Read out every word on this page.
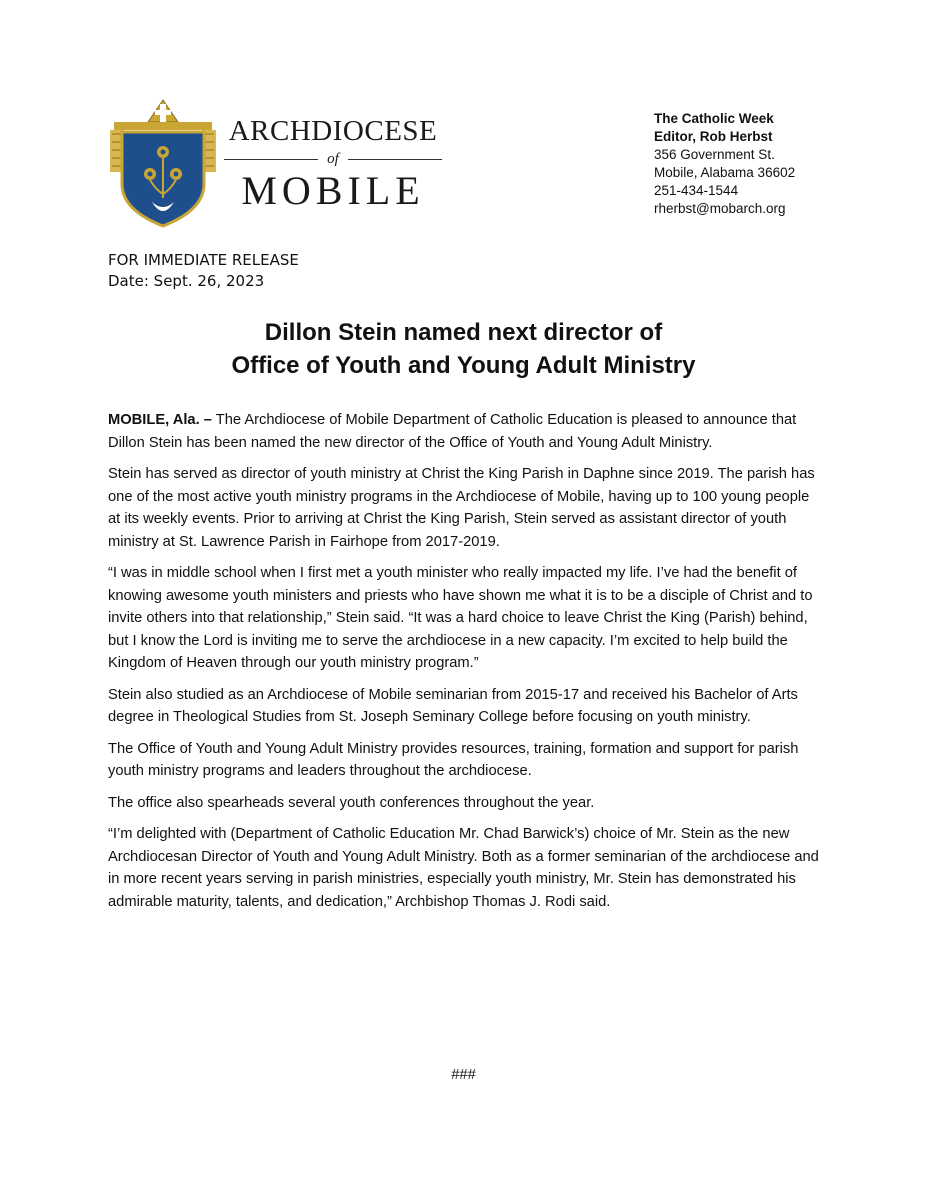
ARCHDIOCESE
of
MOBILE
The Catholic Week
Editor, Rob Herbst
356 Government St.
Mobile, Alabama 36602
251-434-1544
rherbst@mobarch.org
FOR IMMEDIATE RELEASE
Date: Sept. 26, 2023
Dillon Stein named next director of
Office of Youth and Young Adult Ministry

MOBILE, Ala. – The Archdiocese of Mobile Department of Catholic Education is pleased to announce that Dillon Stein has been named the new director of the Office of Youth and Young Adult Ministry.

Stein has served as director of youth ministry at Christ the King Parish in Daphne since 2019. The parish has one of the most active youth ministry programs in the Archdiocese of Mobile, having up to 100 young people at its weekly events. Prior to arriving at Christ the King Parish, Stein served as assistant director of youth ministry at St. Lawrence Parish in Fairhope from 2017-2019.

“I was in middle school when I first met a youth minister who really impacted my life. I’ve had the benefit of knowing awesome youth ministers and priests who have shown me what it is to be a disciple of Christ and to invite others into that relationship,” Stein said. “It was a hard choice to leave Christ the King (Parish) behind, but I know the Lord is inviting me to serve the archdiocese in a new capacity. I’m excited to help build the Kingdom of Heaven through our youth ministry program.”

Stein also studied as an Archdiocese of Mobile seminarian from 2015-17 and received his Bachelor of Arts degree in Theological Studies from St. Joseph Seminary College before focusing on youth ministry.

The Office of Youth and Young Adult Ministry provides resources, training, formation and support for parish youth ministry programs and leaders throughout the archdiocese.

The office also spearheads several youth conferences throughout the year.

“I’m delighted with (Department of Catholic Education Mr. Chad Barwick’s) choice of Mr. Stein as the new Archdiocesan Director of Youth and Young Adult Ministry. Both as a former seminarian of the archdiocese and in more recent years serving in parish ministries, especially youth ministry, Mr. Stein has demonstrated his admirable maturity, talents, and dedication,” Archbishop Thomas J. Rodi said.

###
